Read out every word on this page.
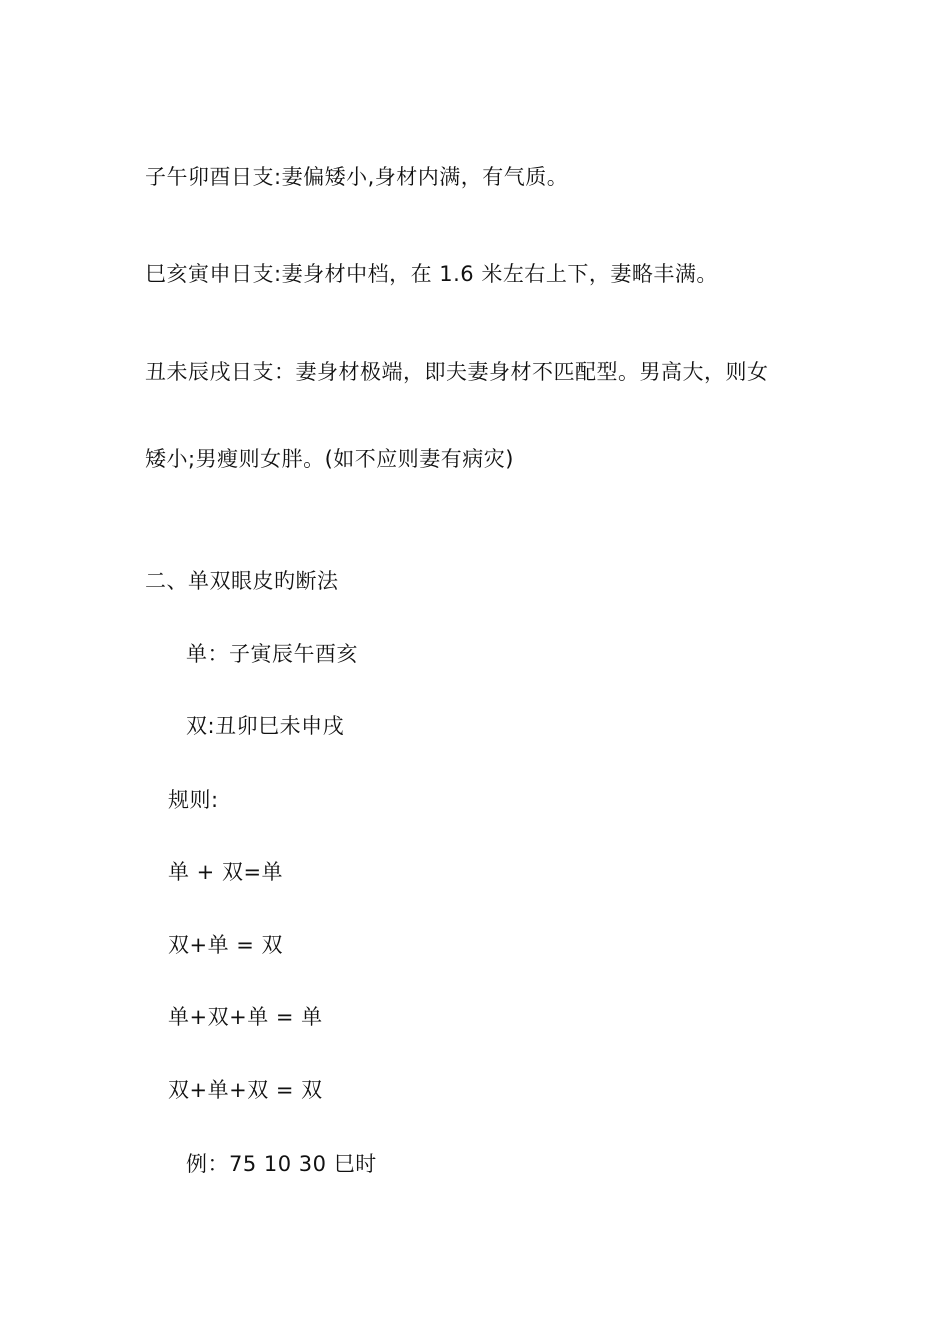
子午卯酉日支:妻偏矮小,身材内满，有气质。
巳亥寅申日支:妻身材中档，在 1.6 米左右上下，妻略丰满。
丑未辰戌日支：妻身材极端，即夫妻身材不匹配型。男高大，则女
矮小;男瘦则女胖。(如不应则妻有病灾)
二、单双眼皮旳断法
单：子寅辰午酉亥
双:丑卯巳未申戌
规则:
单 + 双=单
双+单 = 双
单+双+单 = 单
双+单+双 = 双
例：75 10 30 巳时
